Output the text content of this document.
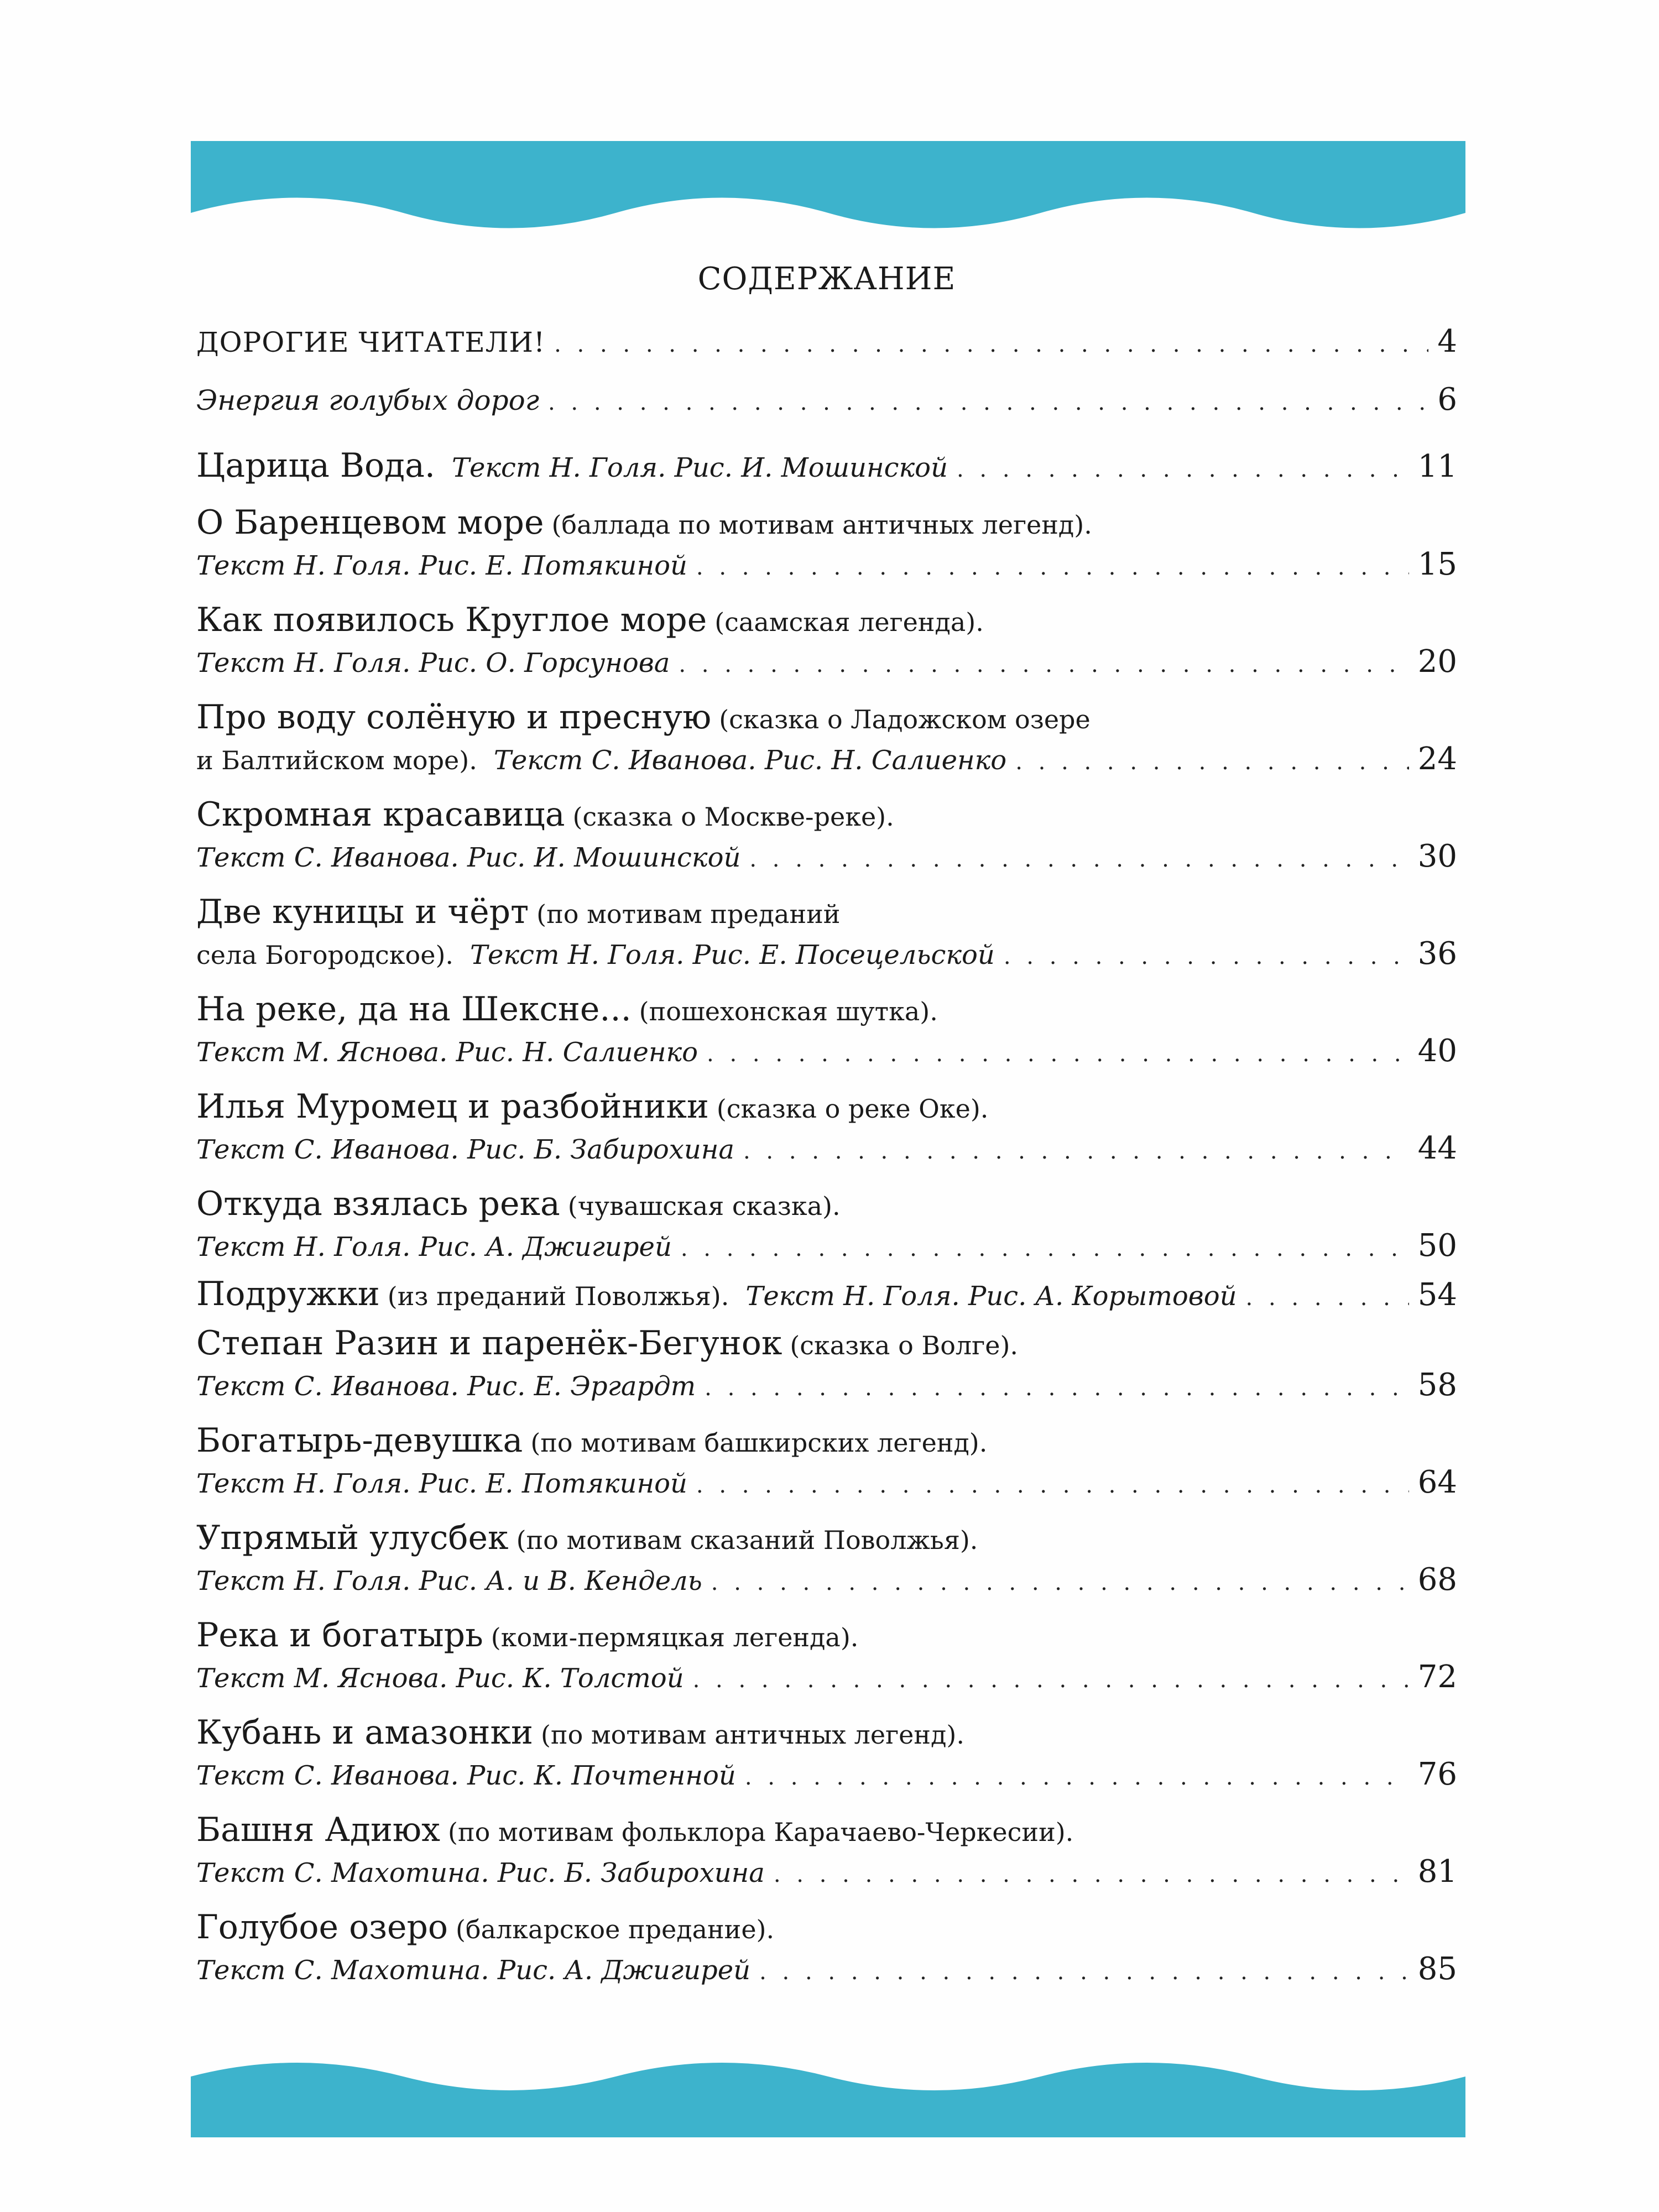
СОДЕРЖАНИЕ
ДОРОГИЕ ЧИТАТЕЛИ! . . .	4
Энергия голубых дорог . . .	6
Царица Вода. Текст Н. Голя. Рис. И. Мошинской . . .	11
О Баренцевом море (баллада по мотивам античных легенд).
Текст Н. Голя. Рис. Е. Потякиной . . .	15
Как появилось Круглое море (саамская легенда).
Текст Н. Голя. Рис. О. Горсунова . . .	20
Про воду солёную и пресную (сказка о Ладожском озере
и Балтийском море). Текст С. Иванова. Рис. Н. Салиенко . . .	24
Скромная красавица (сказка о Москве-реке).
Текст С. Иванова. Рис. И. Мошинской . . .	30
Две куницы и чёрт (по мотивам преданий
села Богородское). Текст Н. Голя. Рис. Е. Посецельской . . .	36
На реке, да на Шексне... (пошехонская шутка).
Текст М. Яснова. Рис. Н. Салиенко . . .	40
Илья Муромец и разбойники (сказка о реке Оке).
Текст С. Иванова. Рис. Б. Забирохина . . .	44
Откуда взялась река (чувашская сказка).
Текст Н. Голя. Рис. А. Джигирей . . .	50
Подружки (из преданий Поволжья). Текст Н. Голя. Рис. А. Корытовой . . .	54
Степан Разин и паренёк-Бегунок (сказка о Волге).
Текст С. Иванова. Рис. Е. Эргардт . . .	58
Богатырь-девушка (по мотивам башкирских легенд).
Текст Н. Голя. Рис. Е. Потякиной . . .	64
Упрямый улусбек (по мотивам сказаний Поволжья).
Текст Н. Голя. Рис. А. и В. Кендель . . .	68
Река и богатырь (коми-пермяцкая легенда).
Текст М. Яснова. Рис. К. Толстой . . .	72
Кубань и амазонки (по мотивам античных легенд).
Текст С. Иванова. Рис. К. Почтенной . . .	76
Башня Адиюх (по мотивам фольклора Карачаево-Черкесии).
Текст С. Махотина. Рис. Б. Забирохина . . .	81
Голубое озеро (балкарское предание).
Текст С. Махотина. Рис. А. Джигирей . . .	85
